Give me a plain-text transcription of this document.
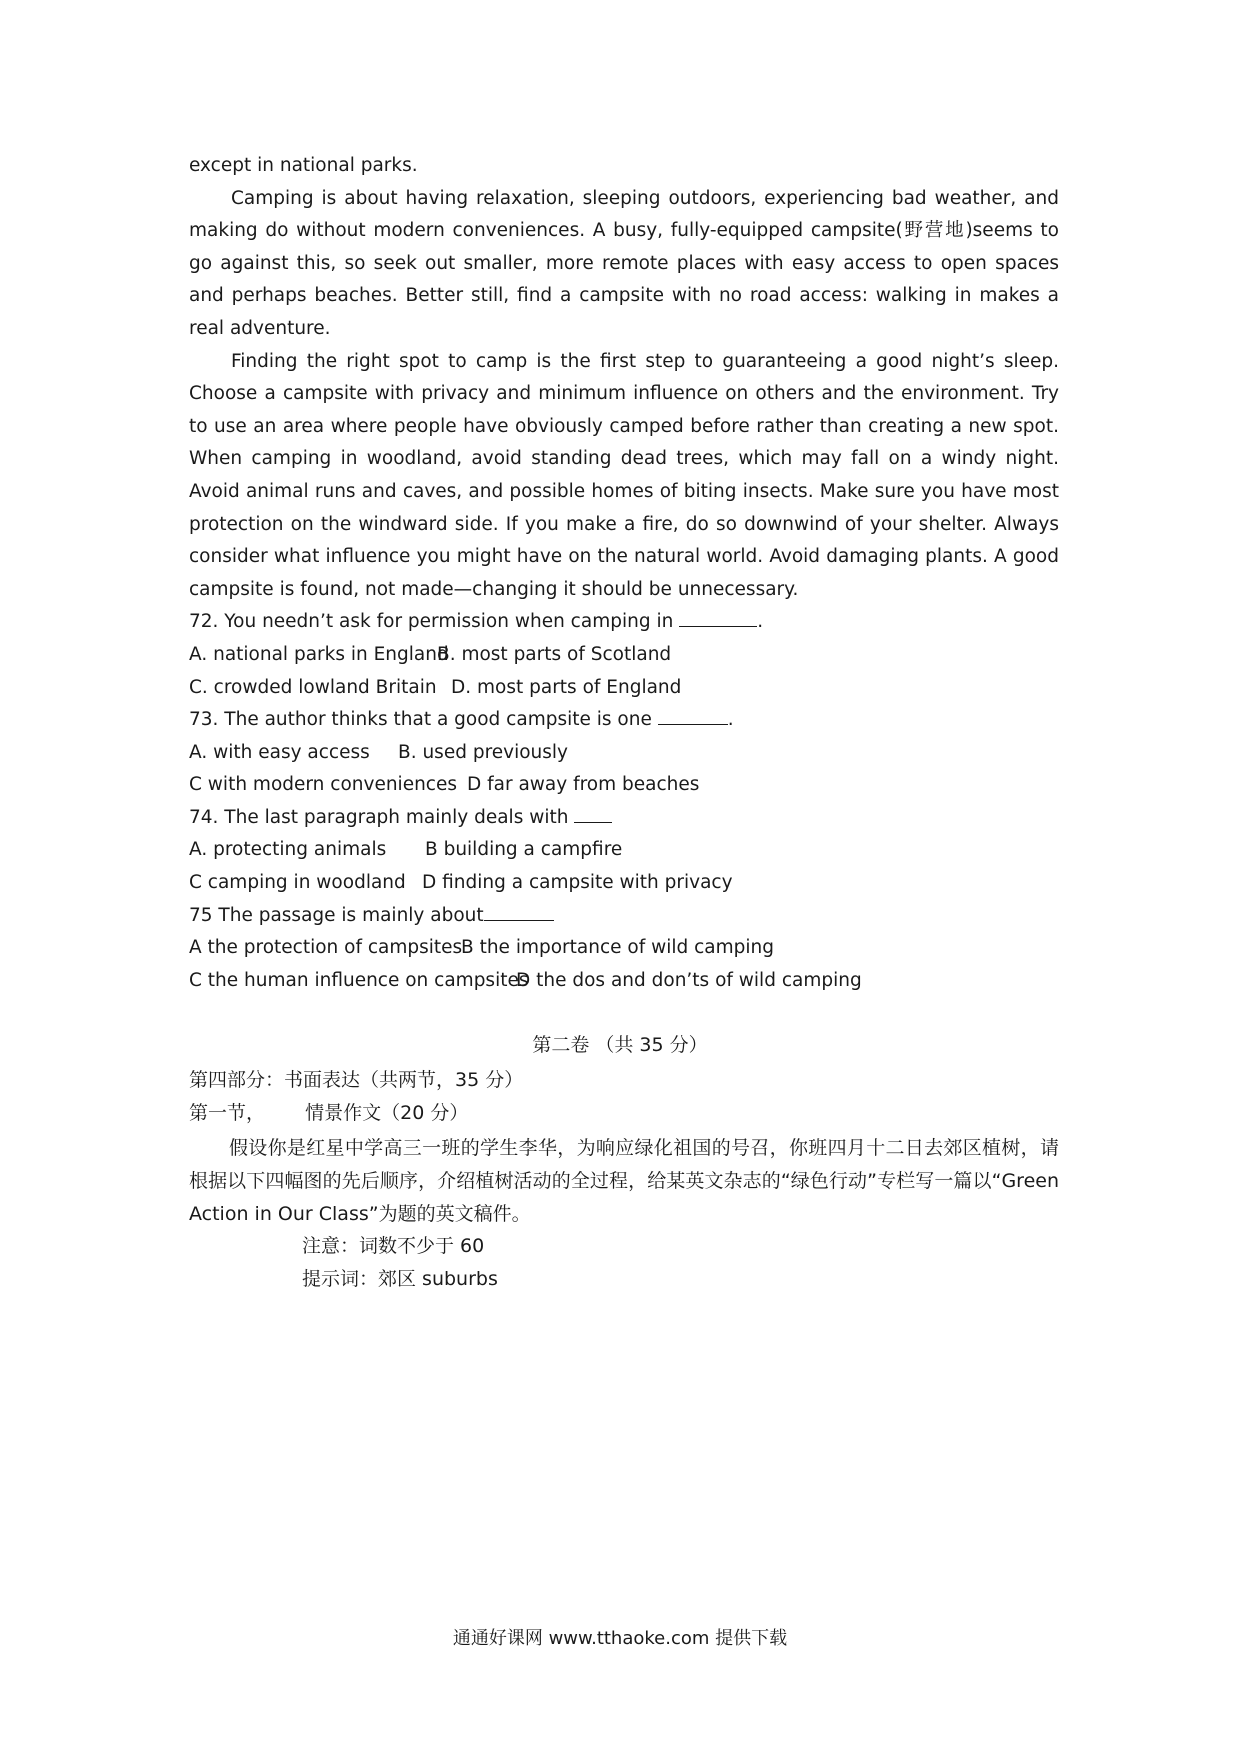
except in national parks.

Camping is about having relaxation, sleeping outdoors, experiencing bad weather, and making do without modern conveniences. A busy, fully-equipped campsite(野营地)seems to go against this, so seek out smaller, more remote places with easy access to open spaces and perhaps beaches. Better still, find a campsite with no road access: walking in makes a real adventure.

Finding the right spot to camp is the first step to guaranteeing a good night’s sleep. Choose a campsite with privacy and minimum influence on others and the environment. Try to use an area where people have obviously camped before rather than creating a new spot. When camping in woodland, avoid standing dead trees, which may fall on a windy night. Avoid animal runs and caves, and possible homes of biting insects. Make sure you have most protection on the windward side. If you make a fire, do so downwind of your shelter. Always consider what influence you might have on the natural world. Avoid damaging plants. A good campsite is found, not made—changing it should be unnecessary.

72. You needn’t ask for permission when camping in	.

A. national parks in EnglandB. most parts of Scotland

C. crowded lowland Britain D. most parts of England

73. The author thinks that a good campsite is one	.

A. with easy access B. used previously

C with modern conveniences D far away from beaches

74. The last paragraph mainly deals with

A. protecting animals B building a campfire

C camping in woodland D finding a campsite with privacy

75 The passage is mainly about

A the protection of campsitesB the importance of wild camping

C the human influence on campsitesD the dos and don’ts of wild camping

第二卷 （共 35 分）
第四部分：书面表达（共两节，35 分）
第一节， 情景作文（20 分）
假设你是红星中学高三一班的学生李华，为响应绿化祖国的号召，你班四月十二日去郊区植树，请根据以下四幅图的先后顺序，介绍植树活动的全过程，给某英文杂志的“绿色行动”专栏写一篇以“Green Action in Our Class”为题的英文稿件。
注意：词数不少于 60
提示词：郊区 suburbs
通通好课网 www.tthaoke.com 提供下载
